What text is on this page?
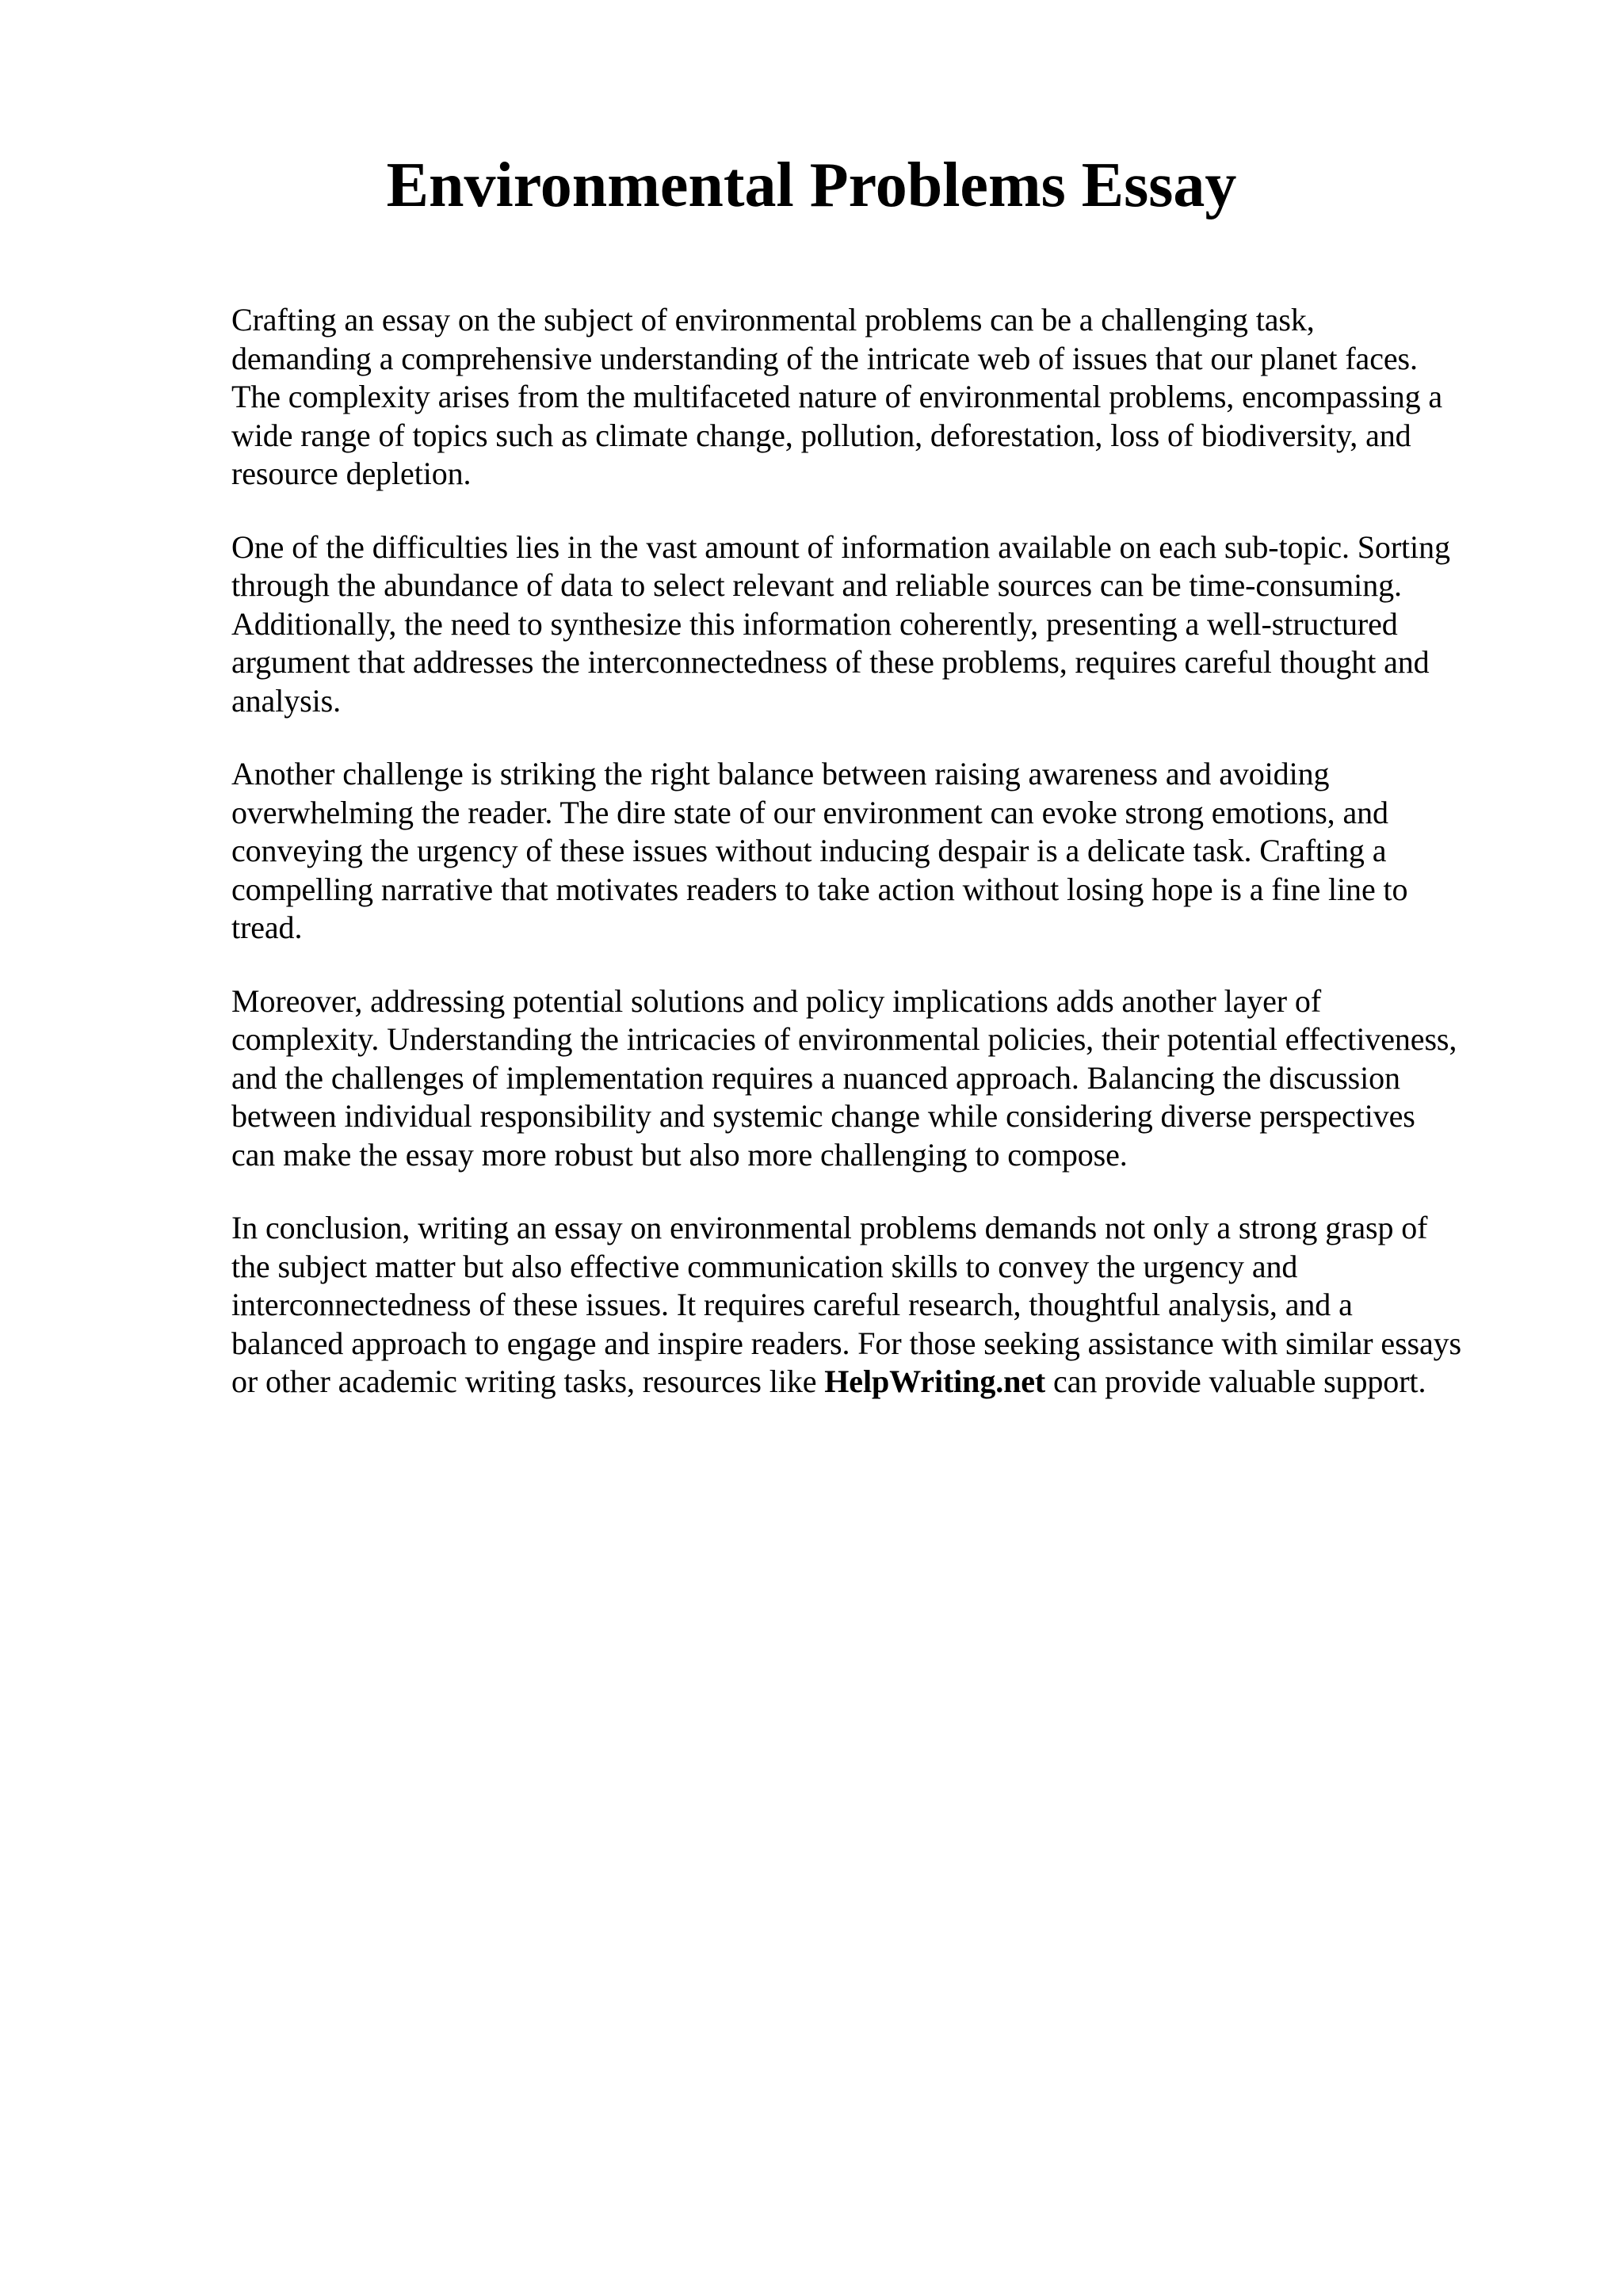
Environmental Problems Essay

Crafting an essay on the subject of environmental problems can be a challenging task,
demanding a comprehensive understanding of the intricate web of issues that our planet faces.
The complexity arises from the multifaceted nature of environmental problems, encompassing a
wide range of topics such as climate change, pollution, deforestation, loss of biodiversity, and
resource depletion.

One of the difficulties lies in the vast amount of information available on each sub-topic. Sorting
through the abundance of data to select relevant and reliable sources can be time-consuming.
Additionally, the need to synthesize this information coherently, presenting a well-structured
argument that addresses the interconnectedness of these problems, requires careful thought and
analysis.

Another challenge is striking the right balance between raising awareness and avoiding
overwhelming the reader. The dire state of our environment can evoke strong emotions, and
conveying the urgency of these issues without inducing despair is a delicate task. Crafting a
compelling narrative that motivates readers to take action without losing hope is a fine line to
tread.

Moreover, addressing potential solutions and policy implications adds another layer of
complexity. Understanding the intricacies of environmental policies, their potential effectiveness,
and the challenges of implementation requires a nuanced approach. Balancing the discussion
between individual responsibility and systemic change while considering diverse perspectives
can make the essay more robust but also more challenging to compose.

In conclusion, writing an essay on environmental problems demands not only a strong grasp of
the subject matter but also effective communication skills to convey the urgency and
interconnectedness of these issues. It requires careful research, thoughtful analysis, and a
balanced approach to engage and inspire readers. For those seeking assistance with similar essays
or other academic writing tasks, resources like HelpWriting.net can provide valuable support.
